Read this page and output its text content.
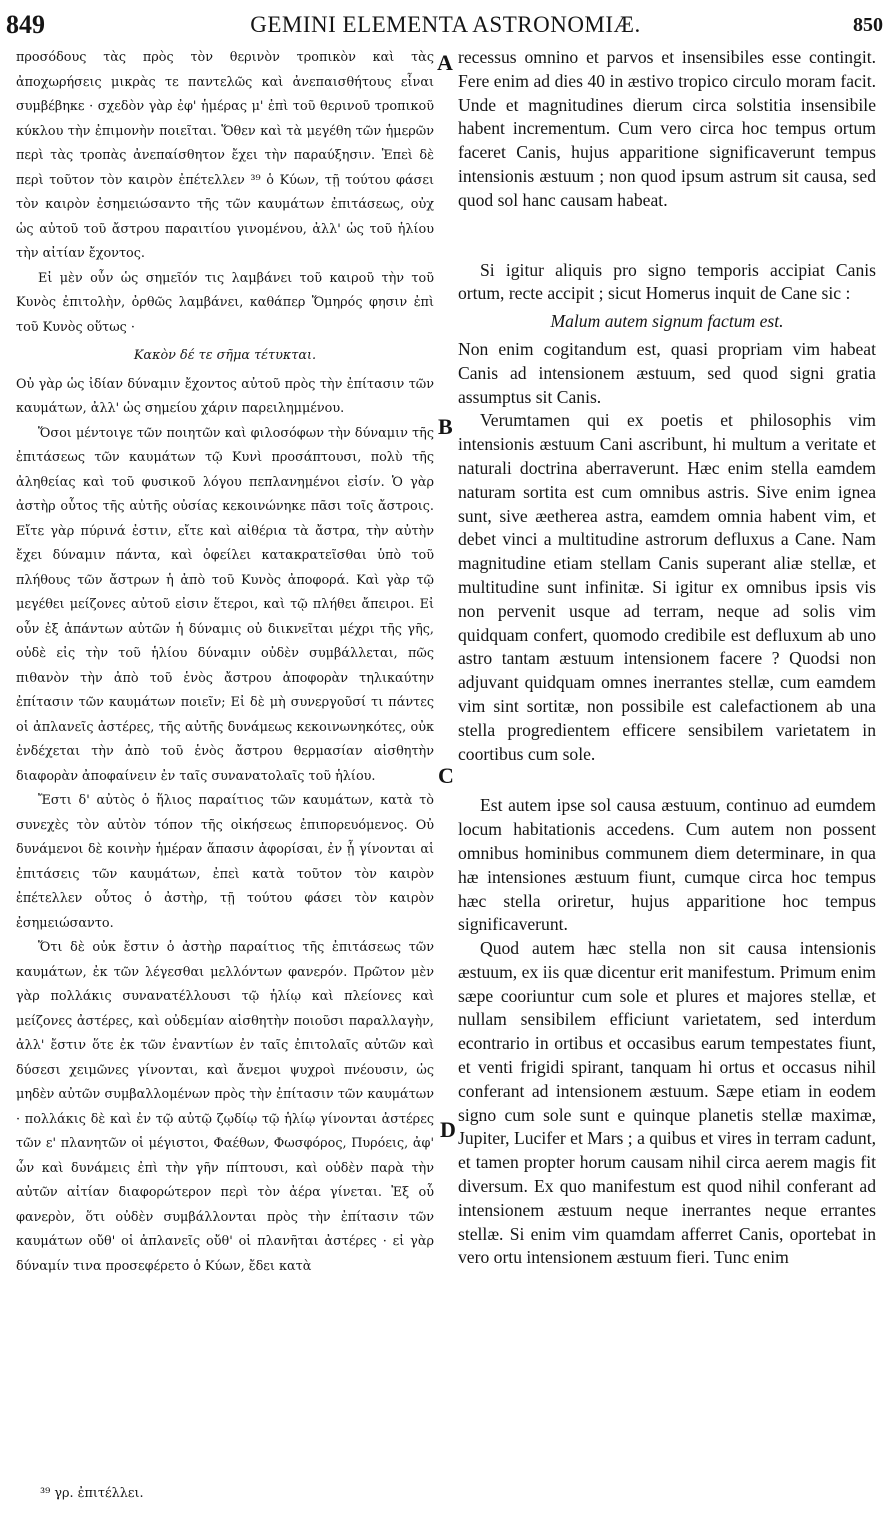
849	GEMINI ELEMENTA ASTRONOMIÆ.	850

προσόδους τὰς πρὸς τὸν θερινὸν τροπικὸν καὶ τὰς ἀποχωρήσεις μικρὰς τε παντελῶς καὶ ἀνεπαισθήτους εἶναι συμβέβηκε · σχεδὸν γὰρ ἐφ' ἡμέρας μ' ἐπὶ τοῦ θερινοῦ τροπικοῦ κύκλου τὴν ἐπιμονὴν ποιεῖται. Ὅθεν καὶ τὰ μεγέθη τῶν ἡμερῶν περὶ τὰς τροπὰς ἀνεπαίσθητον ἔχει τὴν παραύξησιν. Ἐπεὶ δὲ περὶ τοῦτον τὸν καιρὸν ἐπέτελλεν ³⁹ ὁ Κύων, τῇ τούτου φάσει τὸν καιρὸν ἐσημειώσαντο τῆς τῶν καυμάτων ἐπιτάσεως, οὐχ ὡς αὐτοῦ τοῦ ἄστρου παραιτίου γινομένου, ἀλλ' ὡς τοῦ ἡλίου τὴν αἰτίαν ἔχοντος.

Εἰ μὲν οὖν ὡς σημεῖόν τις λαμβάνει τοῦ καιροῦ τὴν τοῦ Κυνὸς ἐπιτολὴν, ὀρθῶς λαμβάνει, καθάπερ Ὅμηρός φησιν ἐπὶ τοῦ Κυνὸς οὕτως ·

Κακὸν δέ τε σῆμα τέτυκται.

Οὐ γὰρ ὡς ἰδίαν δύναμιν ἔχοντος αὐτοῦ πρὸς τὴν ἐπίτασιν τῶν καυμάτων, ἀλλ' ὡς σημείου χάριν παρειλημμένου.

Ὅσοι μέντοιγε τῶν ποιητῶν καὶ φιλοσόφων τὴν δύναμιν τῆς ἐπιτάσεως τῶν καυμάτων τῷ Κυνὶ προσάπτουσι, πολὺ τῆς ἀληθείας καὶ τοῦ φυσικοῦ λόγου πεπλανημένοι εἰσίν. Ὁ γὰρ ἀστὴρ οὗτος τῆς αὐτῆς οὐσίας κεκοινώνηκε πᾶσι τοῖς ἄστροις. Εἴτε γὰρ πύρινά ἐστιν, εἴτε καὶ αἰθέρια τὰ ἄστρα, τὴν αὐτὴν ἔχει δύναμιν πάντα, καὶ ὀφείλει κατακρατεῖσθαι ὑπὸ τοῦ πλήθους τῶν ἄστρων ἡ ἀπὸ τοῦ Κυνὸς ἀποφορά. Καὶ γὰρ τῷ μεγέθει μείζονες αὐτοῦ εἰσιν ἕτεροι, καὶ τῷ πλήθει ἄπειροι. Εἰ οὖν ἐξ ἁπάντων αὐτῶν ἡ δύναμις οὐ διικνεῖται μέχρι τῆς γῆς, οὐδὲ εἰς τὴν τοῦ ἡλίου δύναμιν οὐδὲν συμβάλλεται, πῶς πιθανὸν τὴν ἀπὸ τοῦ ἑνὸς ἄστρου ἀποφορὰν τηλικαύτην ἐπίτασιν τῶν καυμάτων ποιεῖν; Εἰ δὲ μὴ συνεργοῦσί τι πάντες οἱ ἀπλανεῖς ἀστέρες, τῆς αὐτῆς δυνάμεως κεκοινωνηκότες, οὐκ ἐνδέχεται τὴν ἀπὸ τοῦ ἑνὸς ἄστρου θερμασίαν αἰσθητὴν διαφορὰν ἀποφαίνειν ἐν ταῖς συνανατολαῖς τοῦ ἡλίου.

Ἔστι δ' αὐτὸς ὁ ἥλιος παραίτιος τῶν καυμάτων, κατὰ τὸ συνεχὲς τὸν αὐτὸν τόπον τῆς οἰκήσεως ἐπιπορευόμενος. Οὐ δυνάμενοι δὲ κοινὴν ἡμέραν ἅπασιν ἀφορίσαι, ἐν ᾗ γίνονται αἱ ἐπιτάσεις τῶν καυμάτων, ἐπεὶ κατὰ τοῦτον τὸν καιρὸν ἐπέτελλεν οὗτος ὁ ἀστὴρ, τῇ τούτου φάσει τὸν καιρὸν ἐσημειώσαντο.

Ὅτι δὲ οὐκ ἔστιν ὁ ἀστὴρ παραίτιος τῆς ἐπιτάσεως τῶν καυμάτων, ἐκ τῶν λέγεσθαι μελλόντων φανερόν. Πρῶτον μὲν γὰρ πολλάκις συνανατέλλουσι τῷ ἡλίῳ καὶ πλείονες καὶ μείζονες ἀστέρες, καὶ οὐδεμίαν αἰσθητὴν ποιοῦσι παραλλαγὴν, ἀλλ' ἔστιν ὅτε ἐκ τῶν ἐναντίων ἐν ταῖς ἐπιτολαῖς αὐτῶν καὶ δύσεσι χειμῶνες γίνονται, καὶ ἄνεμοι ψυχροὶ πνέουσιν, ὡς μηδὲν αὐτῶν συμβαλλομένων πρὸς τὴν ἐπίτασιν τῶν καυμάτων · πολλάκις δὲ καὶ ἐν τῷ αὐτῷ ζῳδίῳ τῷ ἡλίῳ γίνονται ἀστέρες τῶν ε' πλανητῶν οἱ μέγιστοι, Φαέθων, Φωσφόρος, Πυρόεις, ἀφ' ὧν καὶ δυνάμεις ἐπὶ τὴν γῆν πίπτουσι, καὶ οὐδὲν παρὰ τὴν αὐτῶν αἰτίαν διαφορώτερον περὶ τὸν ἀέρα γίνεται. Ἐξ οὗ φανερὸν, ὅτι οὐδὲν συμβάλλονται πρὸς τὴν ἐπίτασιν τῶν καυμάτων οὔθ' οἱ ἀπλανεῖς οὔθ' οἱ πλανῆται ἀστέρες · εἰ γὰρ δύναμίν τινα προσεφέρετο ὁ Κύων, ἔδει κατὰ

recessus omnino et parvos et insensibiles esse contingit. Fere enim ad dies 40 in æstivo tropico circulo moram facit. Unde et magnitudines dierum circa solstitia insensibile habent incrementum. Cum vero circa hoc tempus ortum faceret Canis, hujus apparitione significaverunt tempus intensionis æstuum ; non quod ipsum astrum sit causa, sed quod sol hanc causam habeat.

Si igitur aliquis pro signo temporis accipiat Canis ortum, recte accipit ; sicut Homerus inquit de Cane sic :

Malum autem signum factum est.

Non enim cogitandum est, quasi propriam vim habeat Canis ad intensionem æstuum, sed quod signi gratia assumptus sit Canis.

Verumtamen qui ex poetis et philosophis vim intensionis æstuum Cani ascribunt, hi multum a veritate et naturali doctrina aberraverunt. Hæc enim stella eamdem naturam sortita est cum omnibus astris. Sive enim ignea sunt, sive æetherea astra, eamdem omnia habent vim, et debet vinci a multitudine astrorum defluxus a Cane. Nam magnitudine etiam stellam Canis superant aliæ stellæ, et multitudine sunt infinitæ. Si igitur ex omnibus ipsis vis non pervenit usque ad terram, neque ad solis vim quidquam confert, quomodo credibile est defluxum ab uno astro tantam æstuum intensionem facere ? Quodsi non adjuvant quidquam omnes inerrantes stellæ, cum eamdem vim sint sortitæ, non possibile est calefactionem ab una stella progredientem efficere sensibilem varietatem in coortibus cum sole.

Est autem ipse sol causa æstuum, continuo ad eumdem locum habitationis accedens. Cum autem non possent omnibus hominibus communem diem determinare, in qua hæ intensiones æstuum fiunt, cumque circa hoc tempus hæc stella oriretur, hujus apparitione hoc tempus significaverunt.

Quod autem hæc stella non sit causa intensionis æstuum, ex iis quæ dicentur erit manifestum. Primum enim sæpe cooriuntur cum sole et plures et majores stellæ, et nullam sensibilem efficiunt varietatem, sed interdum econtrario in ortibus et occasibus earum tempestates fiunt, et venti frigidi spirant, tanquam hi ortus et occasus nihil conferant ad intensionem æstuum. Sæpe etiam in eodem signo cum sole sunt e quinque planetis stellæ maximæ, Jupiter, Lucifer et Mars ; a quibus et vires in terram cadunt, et tamen propter horum causam nihil circa aerem magis fit diversum. Ex quo manifestum est quod nihil conferant ad intensionem æstuum neque inerrantes neque errantes stellæ. Si enim vim quamdam afferret Canis, oportebat in vero ortu intensionem æstuum fieri. Tunc enim

A
B
C
D
³⁹ γρ. ἐπιτέλλει.
